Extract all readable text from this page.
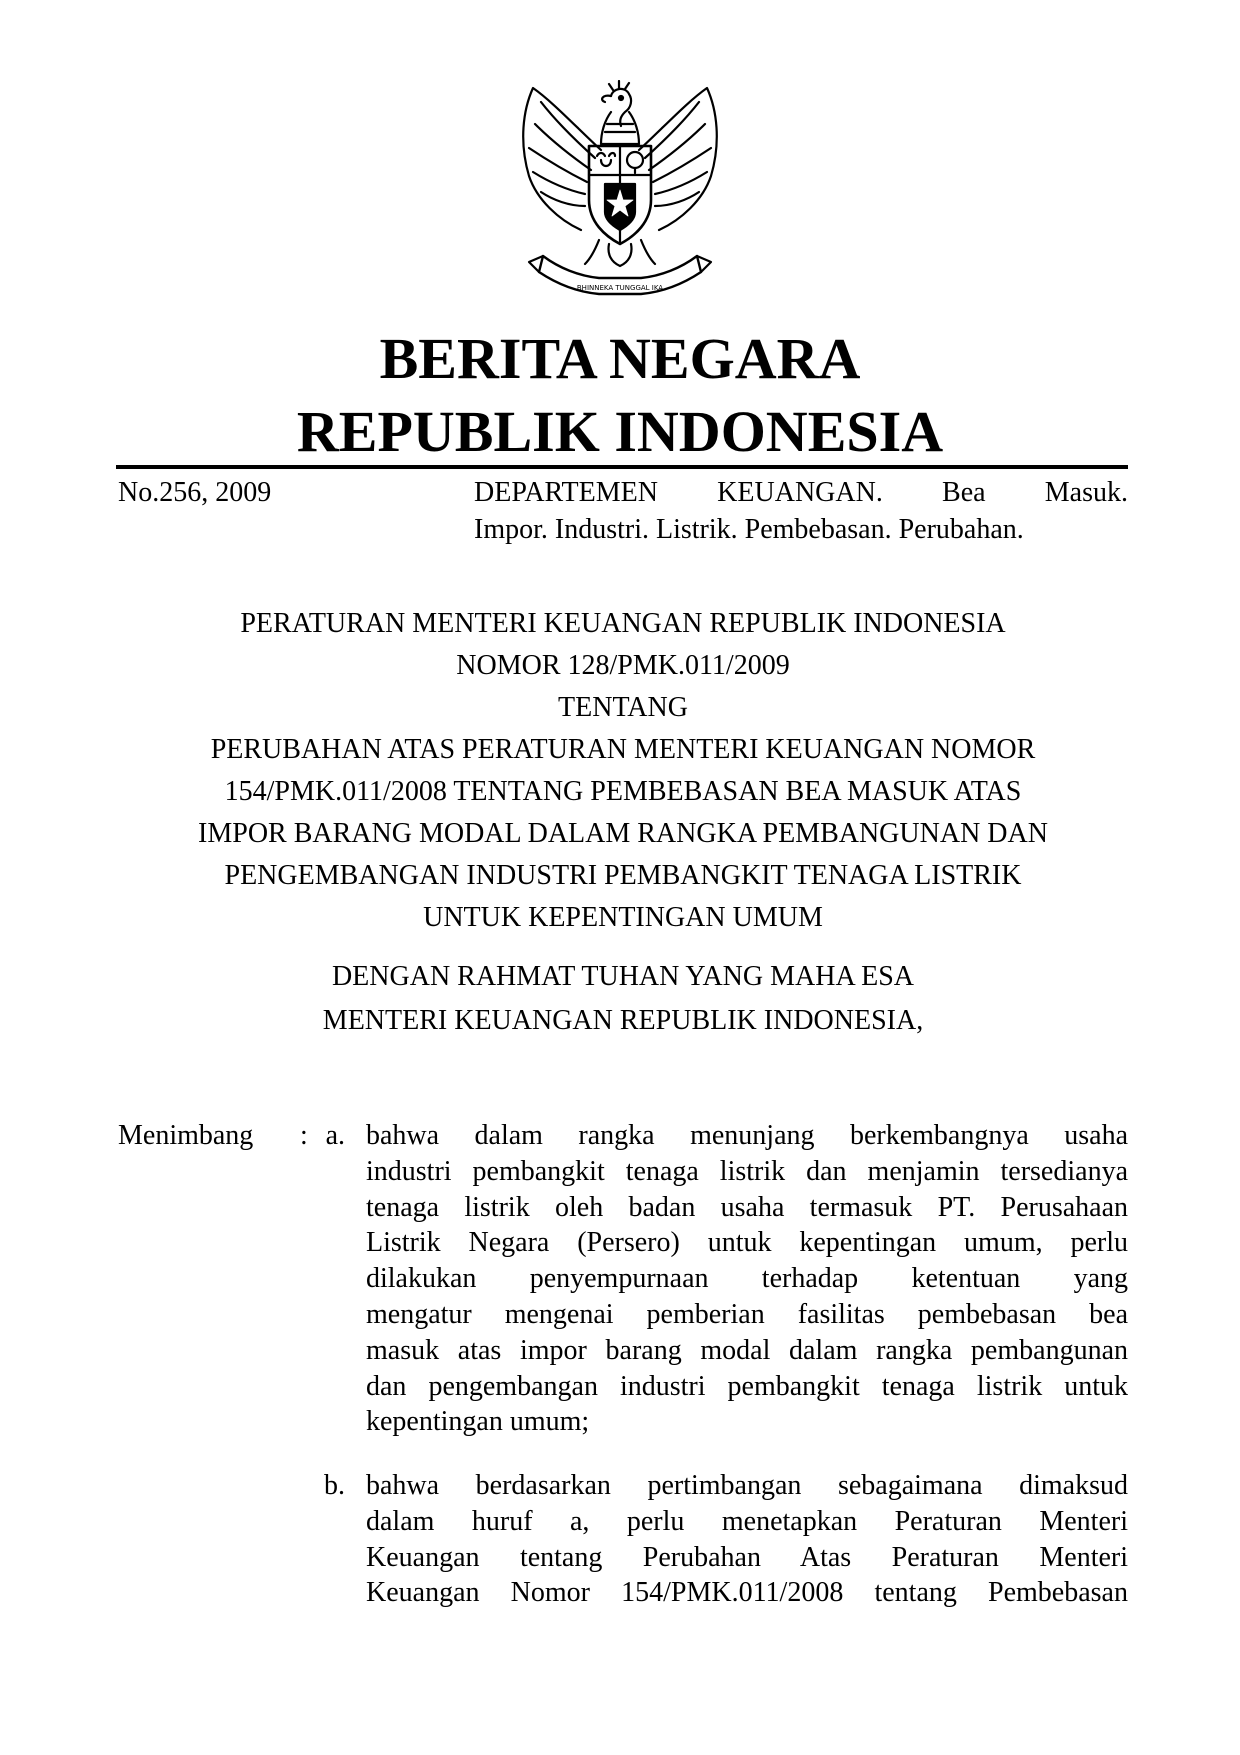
BHINNEKA TUNGGAL IKA
BERITA NEGARA
REPUBLIK INDONESIA
No.256, 2009	DEPARTEMEN KEUANGAN. Bea Masuk.
Impor. Industri. Listrik. Pembebasan. Perubahan.
PERATURAN MENTERI KEUANGAN REPUBLIK INDONESIA
NOMOR 128/PMK.011/2009
TENTANG
PERUBAHAN ATAS PERATURAN MENTERI KEUANGAN NOMOR
154/PMK.011/2008 TENTANG PEMBEBASAN BEA MASUK ATAS
IMPOR BARANG MODAL DALAM RANGKA PEMBANGUNAN DAN
PENGEMBANGAN INDUSTRI PEMBANGKIT TENAGA LISTRIK
UNTUK KEPENTINGAN UMUM
DENGAN RAHMAT TUHAN YANG MAHA ESA
MENTERI KEUANGAN REPUBLIK INDONESIA,
Menimbang : a. bahwa dalam rangka menunjang berkembangnya usaha
industri pembangkit tenaga listrik dan menjamin tersedianya
tenaga listrik oleh badan usaha termasuk PT. Perusahaan
Listrik Negara (Persero) untuk kepentingan umum, perlu
dilakukan penyempurnaan terhadap ketentuan yang
mengatur mengenai pemberian fasilitas pembebasan bea
masuk atas impor barang modal dalam rangka pembangunan
dan pengembangan industri pembangkit tenaga listrik untuk
kepentingan umum;
b. bahwa berdasarkan pertimbangan sebagaimana dimaksud
dalam huruf a, perlu menetapkan Peraturan Menteri
Keuangan tentang Perubahan Atas Peraturan Menteri
Keuangan Nomor 154/PMK.011/2008 tentang Pembebasan
